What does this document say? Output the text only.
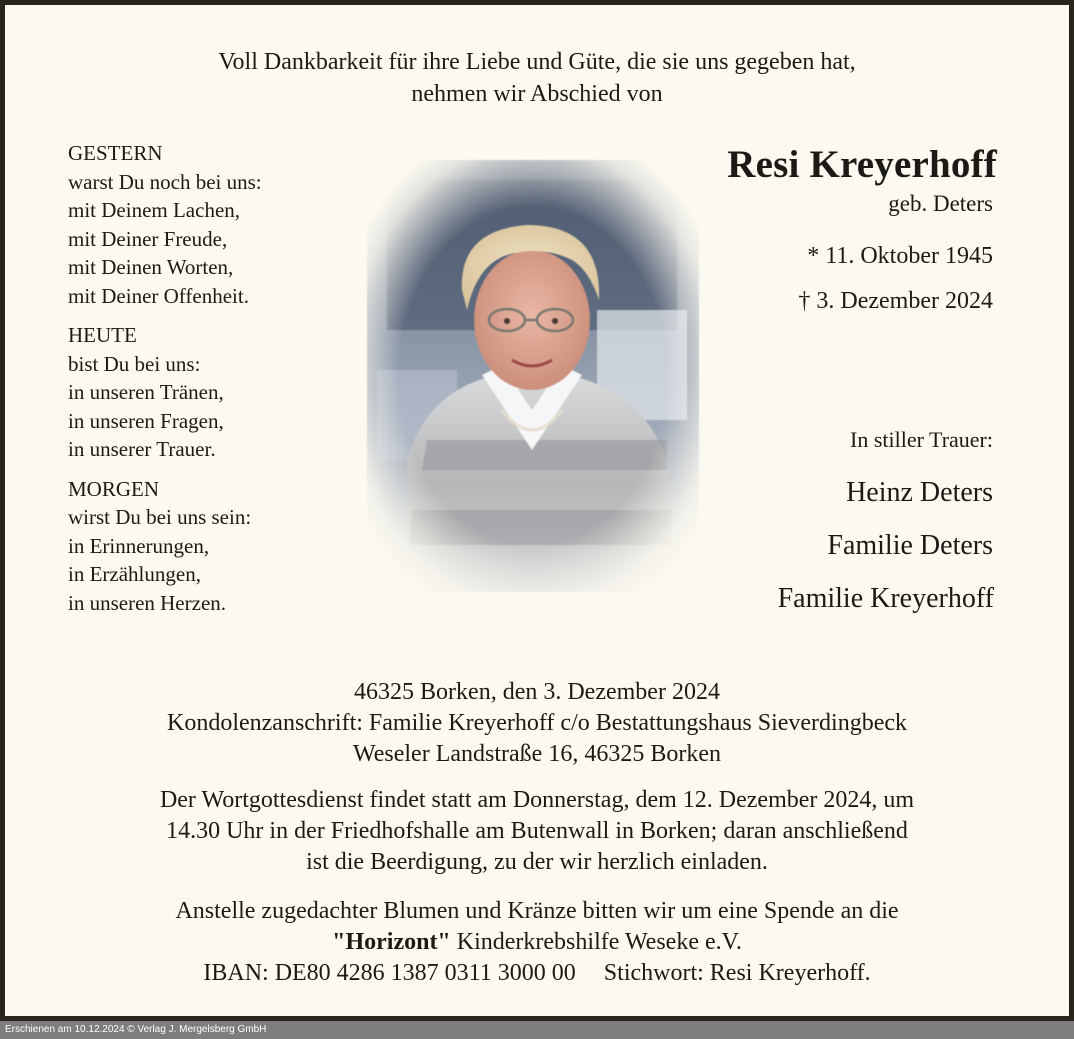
Voll Dankbarkeit für ihre Liebe und Güte, die sie uns gegeben hat,
nehmen wir Abschied von
GESTERN
warst Du noch bei uns:
mit Deinem Lachen,
mit Deiner Freude,
mit Deinen Worten,
mit Deiner Offenheit.
HEUTE
bist Du bei uns:
in unseren Tränen,
in unseren Fragen,
in unserer Trauer.
MORGEN
wirst Du bei uns sein:
in Erinnerungen,
in Erzählungen,
in unseren Herzen.
Resi Kreyerhoff
geb. Deters
* 11. Oktober 1945
† 3. Dezember 2024
In stiller Trauer:
Heinz Deters
Familie Deters
Familie Kreyerhoff
46325 Borken, den 3. Dezember 2024
Kondolenzanschrift: Familie Kreyerhoff c/o Bestattungshaus Sieverdingbeck
Weseler Landstraße 16, 46325 Borken
Der Wortgottesdienst findet statt am Donnerstag, dem 12. Dezember 2024, um
14.30 Uhr in der Friedhofshalle am Butenwall in Borken; daran anschließend
ist die Beerdigung, zu der wir herzlich einladen.
Anstelle zugedachter Blumen und Kränze bitten wir um eine Spende an die
"Horizont" Kinderkrebshilfe Weseke e.V.
IBAN: DE80 4286 1387 0311 3000 00 Stichwort: Resi Kreyerhoff.
Erschienen am 10.12.2024 © Verlag J. Mergelsberg GmbH
